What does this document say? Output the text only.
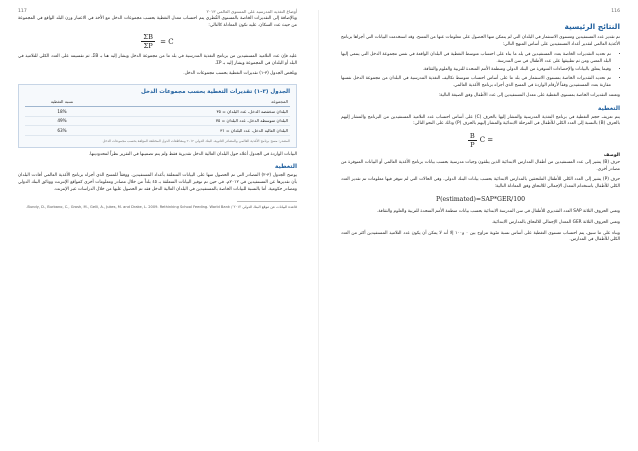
117	أوضاع التغذية المدرسية على المستوى العالمي ٢٠١٣

وبالإضافة إلى التقديرات الخاصة بالمستوى القُطري يتم احتساب معدل التغطية بحسب مجموعات الدخل مع الأخذ في الاعتبار وزن البلد الواقع في المجموعة من حيث عدد السكان. عليه تكون المعادلة كالتالي:

C
=
$\frac{\Sigma B}{\Sigma P}$

عليه فإن عدد التلاميذ المستفيدين من برنامج التغذية المدرسية في بلد ما من مجموعة الدخل ويشار إليه هنا بـ ΣB، ثم تقسيمه على العدد الكلي للتلاميذ في البلد أو البلدان في المجموعة ويشار إليه بـ ΣP.

ويلخص الجدول (٣-١) تقديرات التغطية بحسب مجموعات الدخل.

الجدول (٣-١) تقديرات التغطية بحسب مجموعات الدخل
المجموعة	نسبة التغطية
البلدان منخفضة الدخل، عدد البلدان = ٣٥	18%
البلدان متوسطة الدخل، عدد البلدان = ٧٥	49%
البلدان العالية الدخل، عدد البلدان = ٣١	63%
المصدر: مسح برنامج الأغذية العالمي والمصادر الثانوية، البنك الدولي ٢٠١٢ ومقاطعات الدول المختلفة المؤلفة بحسب مجموعات الدخل

البيانات الواردة في الجدول أعلاه حول البلدان العالية الدخل تقديرية فقط ولم يتم تضمينها في التقرير نظراً لمحدوديتها.

التغطية

يوضح الجدول (٣-٢) المصادر التي تم الحصول منها على البيانات المتعلقة بأعداد المستفيدين. ووفقاً للمسح الذي أجراه برنامج الأغذية العالمي أفادت البلدان بأن تقديرها عن المستفيدين في ٢٠١٢م. في حين تم توفير البيانات المتعلقة بـ ٤٥ بلداً من خلال مصادر ومعلومات أخرى كمواقع الإنترنت ووثائق البنك الدولي ومصادر حكومية. أما بالنسبة للبيانات الخاصة بالمستفيدين في البلدان العالية الدخل فقد تم الحصول عليها من خلال الدراسات عبر الإنترنت.

قاعدة البيانات عن موقع البنك الدولي ٢٠١٢ / Bundy, D., Burbano, C., Grosh, M., Gelli, A., Jukes, M. and Drake, L. 2009. Rethinking School Feeding. World Bank.
116
النتائج الرئيسية

تم تقدير عدد المستفيدين ومستوى الاستثمار في البلدان التي لم يتمكن منها الحصول على معلومات عنها من المسح. وقد استخدمت البيانات التي أجراها برنامج الأغذية العالمي لتقدير أعداد المستفيدين على أساس المنهج التالي:

• تم تحديد التقديرات الخاصة بعدد المستفيدين في بلد ما بناء على احتساب متوسط التغطية في البلدان الواقعة في نفس مجموعة الدخل التي ينتمي إليها البلد المعني ومن ثم تطبيقها على عدد الأطفال في سن المدرسة.
• وفيما يتعلق بالبيانات والإحصاءات المتوفرة من البنك الدولي ومنظمة الأمم المتحدة للتربية والعلوم والثقافة.
• تم تحديد التقديرات الخاصة بمستوى الاستثمار في بلد ما على أساس احتساب متوسط تكاليف التغذية المدرسية في البلدان من مجموعة الدخل نفسها مقارنة بعدد المستفيدين وفقاً لأرقام الواردة في المسح الذي أجراه برنامج الأغذية العالمي.

وتعتمد التقديرات الخاصة بمستوى التغطية على معدل المستفيدين إلى عدد الأطفال وفق الصيغة التالية:

التغطية

يتم تعريف حجم التغطية في برنامج التغذية المدرسية والمشار إليها بالحرف (C) على أساس احتساب عدد التلاميذ المستفيدين من البرنامج والمشار إليهم بالحرف (B) بالنسبة إلى العدد الكلي للأطفال في المرحلة الابتدائية والمشار إليهم بالحرف (P) وذلك على النحو التالي:

C =
$\frac{B}{P}$
الوصف

حرف (B) يشير إلى عدد المستفيدين من أطفال المدارس الابتدائية الذين يتلقون وجبات مدرسية بحسب بيانات برنامج الأغذية العالمي أو البيانات المتوفرة من مصادر أخرى.

حرف (P) يشير إلى العدد الكلي للأطفال الملتحقين بالمدارس الابتدائية بحسب بيانات البنك الدولي. وفي الحالات التي لم تتوفر فيها معلومات تم تقدير العدد الكلي للأطفال باستخدام المعدل الإجمالي للالتحاق وفق المعادلة التالية:

P(estimated)=SAP*GER/100

وتعني الحروف الثلاثة SAP العدد التقديري للأطفال في سن المدرسة الابتدائية بحسب بيانات منظمة الأمم المتحدة للتربية والعلوم والثقافة.

وتعني الحروف الثلاثة GER المعدل الإجمالي للالتحاق بالمدارس الابتدائية.

وبناء على ما سبق، يتم احتساب مستوى التغطية على أساس نسبة مئوية تتراوح بين ٠ و١٠٠ إلا أنه لا يمكن أن يكون عدد التلاميذ المستفيدين أكثر من العدد الكلي للأطفال في المدارس.
